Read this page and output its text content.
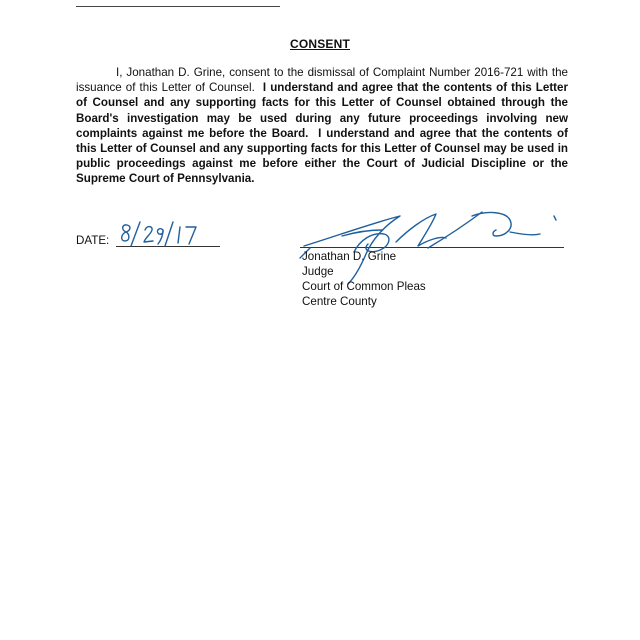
CONSENT

I, Jonathan D. Grine, consent to the dismissal of Complaint Number 2016-721 with the issuance of this Letter of Counsel. I understand and agree that the contents of this Letter of Counsel and any supporting facts for this Letter of Counsel obtained through the Board's investigation may be used during any future proceedings involving new complaints against me before the Board. I understand and agree that the contents of this Letter of Counsel and any supporting facts for this Letter of Counsel may be used in public proceedings against me before either the Court of Judicial Discipline or the Supreme Court of Pennsylvania.

DATE:
Jonathan D. Grine
Judge
Court of Common Pleas
Centre County
